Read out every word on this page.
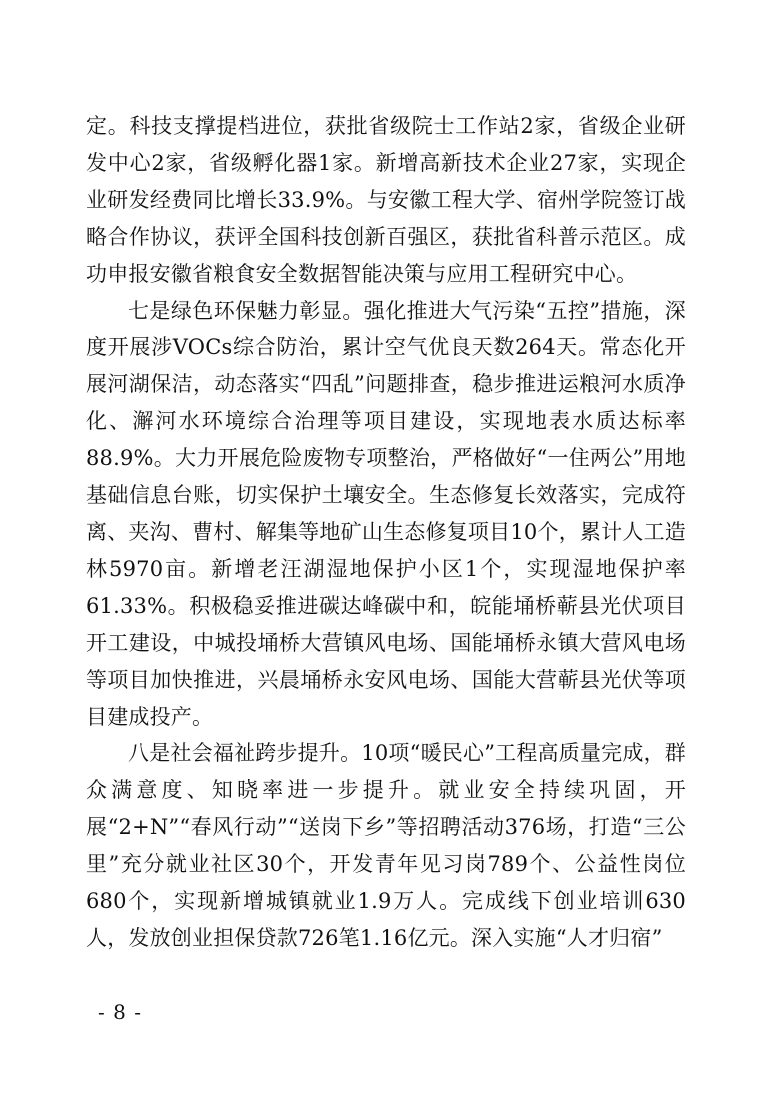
定。科技支撑提档进位，获批省级院士工作站2家，省级企业研发中心2家，省级孵化器1家。新增高新技术企业27家，实现企业研发经费同比增长33.9%。与安徽工程大学、宿州学院签订战略合作协议，获评全国科技创新百强区，获批省科普示范区。成功申报安徽省粮食安全数据智能决策与应用工程研究中心。

七是绿色环保魅力彰显。强化推进大气污染“五控”措施，深度开展涉VOCs综合防治，累计空气优良天数264天。常态化开展河湖保洁，动态落实“四乱”问题排查，稳步推进运粮河水质净化、澥河水环境综合治理等项目建设，实现地表水质达标率88.9%。大力开展危险废物专项整治，严格做好“一住两公”用地基础信息台账，切实保护土壤安全。生态修复长效落实，完成符离、夹沟、曹村、解集等地矿山生态修复项目10个，累计人工造林5970亩。新增老汪湖湿地保护小区1个，实现湿地保护率61.33%。积极稳妥推进碳达峰碳中和，皖能埇桥蕲县光伏项目开工建设，中城投埇桥大营镇风电场、国能埇桥永镇大营风电场等项目加快推进，兴晨埇桥永安风电场、国能大营蕲县光伏等项目建成投产。

八是社会福祉跨步提升。10项“暖民心”工程高质量完成，群众满意度、知晓率进一步提升。就业安全持续巩固，开展“2+N”“春风行动”“送岗下乡”等招聘活动376场，打造“三公里”充分就业社区30个，开发青年见习岗789个、公益性岗位680个，实现新增城镇就业1.9万人。完成线下创业培训630人，发放创业担保贷款726笔1.16亿元。深入实施“人才归宿”

- 8 -
